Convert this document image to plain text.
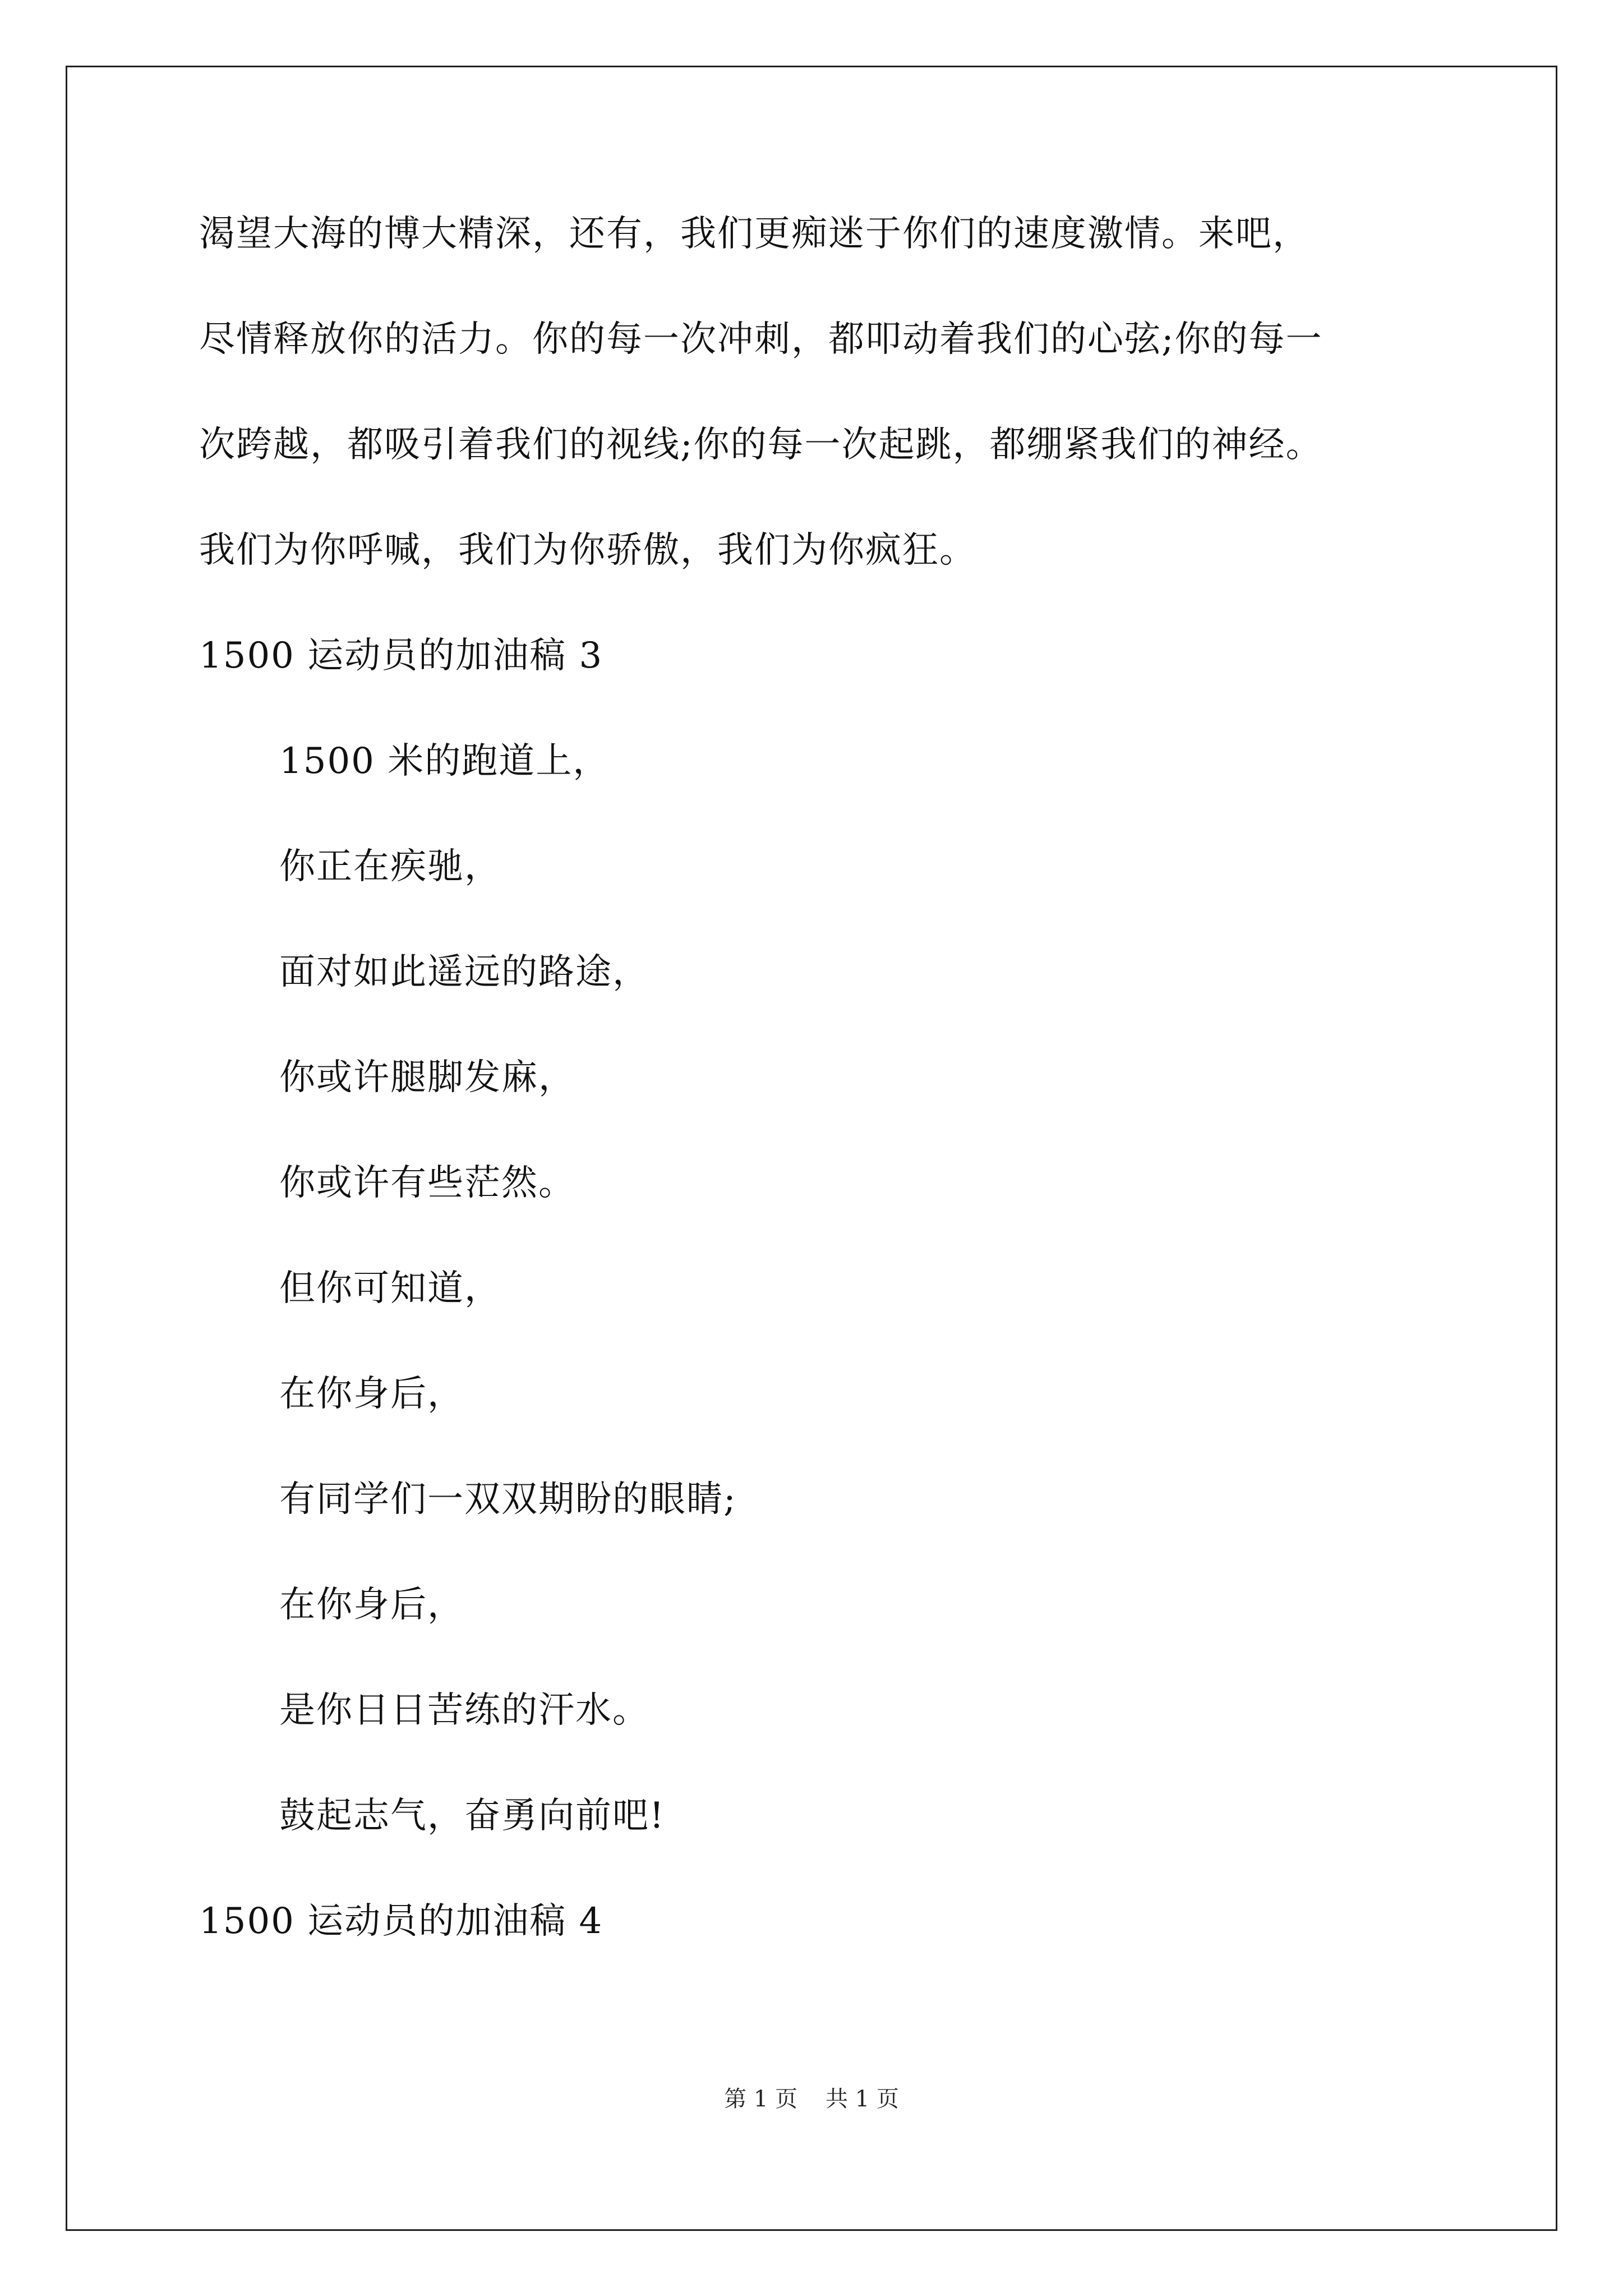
渴望大海的博大精深，还有，我们更痴迷于你们的速度激情。来吧，
尽情释放你的活力。你的每一次冲刺，都叩动着我们的心弦;你的每一
次跨越，都吸引着我们的视线;你的每一次起跳，都绷紧我们的神经。
我们为你呼喊，我们为你骄傲，我们为你疯狂。
1500 运动员的加油稿 3
1500 米的跑道上，
你正在疾驰，
面对如此遥远的路途，
你或许腿脚发麻，
你或许有些茫然。
但你可知道，
在你身后，
有同学们一双双期盼的眼睛;
在你身后，
是你日日苦练的汗水。
鼓起志气，奋勇向前吧!
1500 运动员的加油稿 4
第 1 页 共 1 页
